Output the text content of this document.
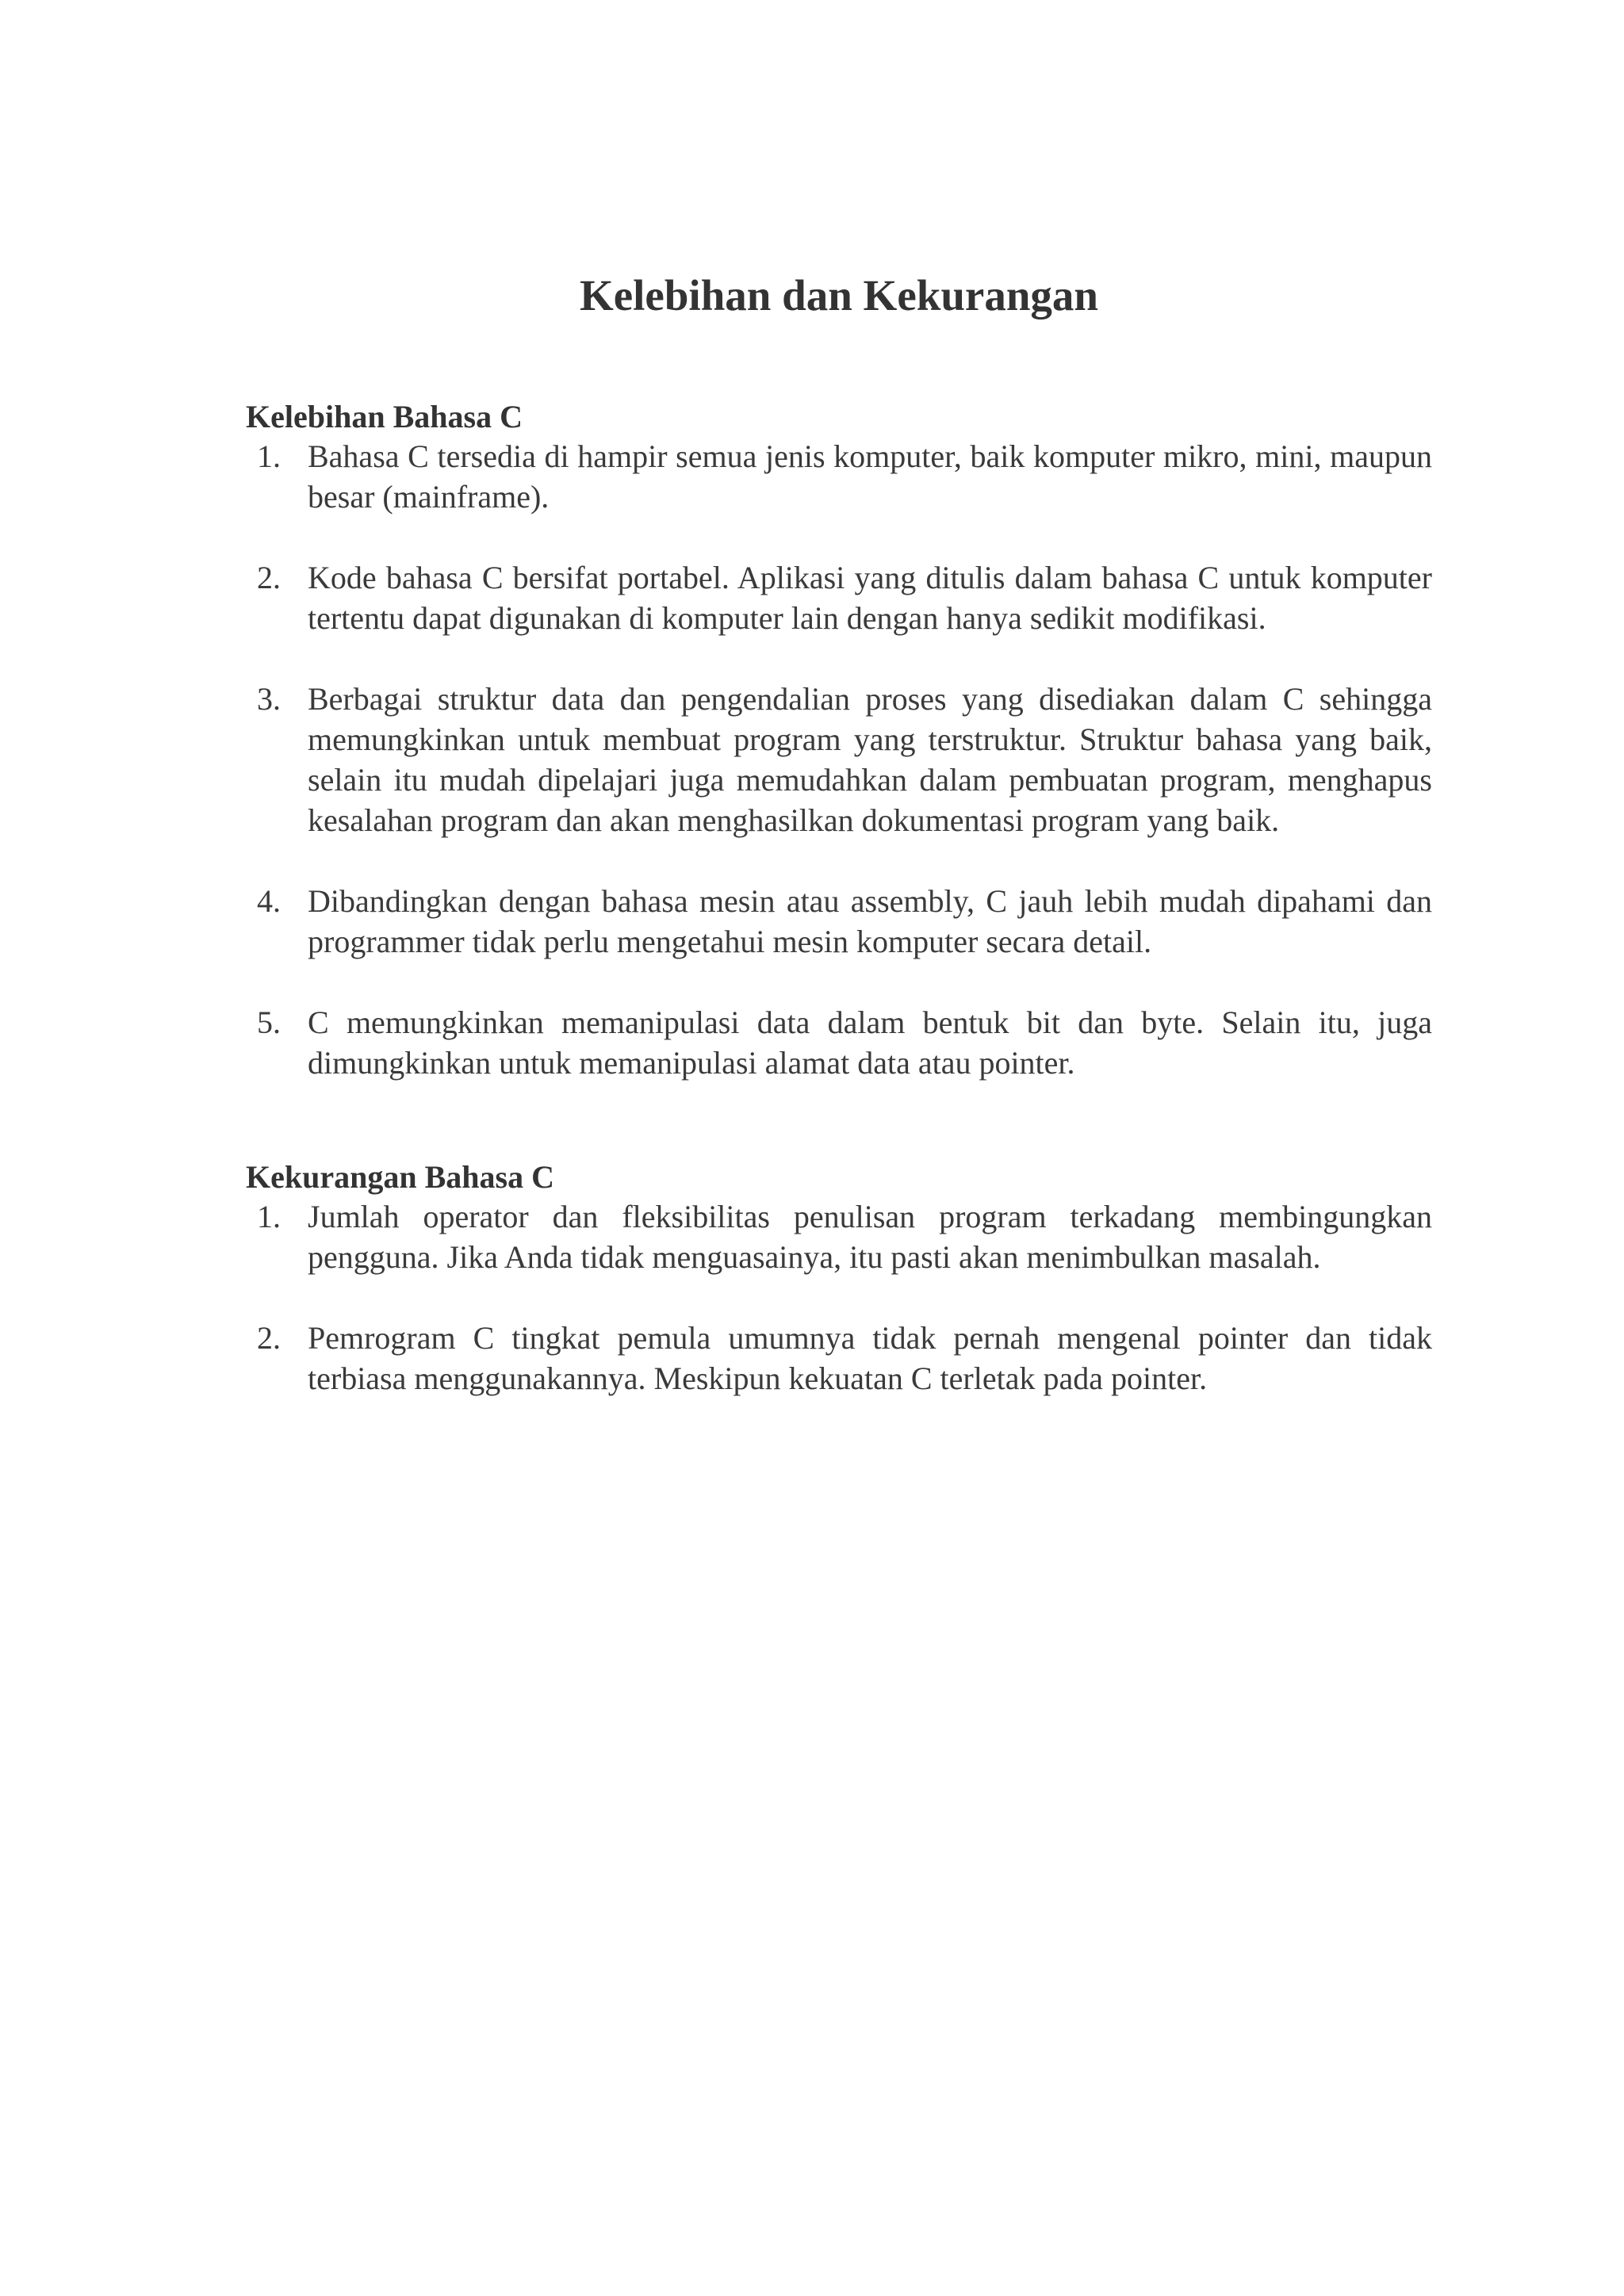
Kelebihan dan Kekurangan
Kelebihan Bahasa C
1. Bahasa C tersedia di hampir semua jenis komputer, baik komputer mikro, mini, maupun besar (mainframe).
2. Kode bahasa C bersifat portabel. Aplikasi yang ditulis dalam bahasa C untuk komputer tertentu dapat digunakan di komputer lain dengan hanya sedikit modifikasi.
3. Berbagai struktur data dan pengendalian proses yang disediakan dalam C sehingga memungkinkan untuk membuat program yang terstruktur. Struktur bahasa yang baik, selain itu mudah dipelajari juga memudahkan dalam pembuatan program, menghapus kesalahan program dan akan menghasilkan dokumentasi program yang baik.
4. Dibandingkan dengan bahasa mesin atau assembly, C jauh lebih mudah dipahami dan programmer tidak perlu mengetahui mesin komputer secara detail.
5. C memungkinkan memanipulasi data dalam bentuk bit dan byte. Selain itu, juga dimungkinkan untuk memanipulasi alamat data atau pointer.
Kekurangan Bahasa C
1. Jumlah operator dan fleksibilitas penulisan program terkadang membingungkan pengguna. Jika Anda tidak menguasainya, itu pasti akan menimbulkan masalah.
2. Pemrogram C tingkat pemula umumnya tidak pernah mengenal pointer dan tidak terbiasa menggunakannya. Meskipun kekuatan C terletak pada pointer.
